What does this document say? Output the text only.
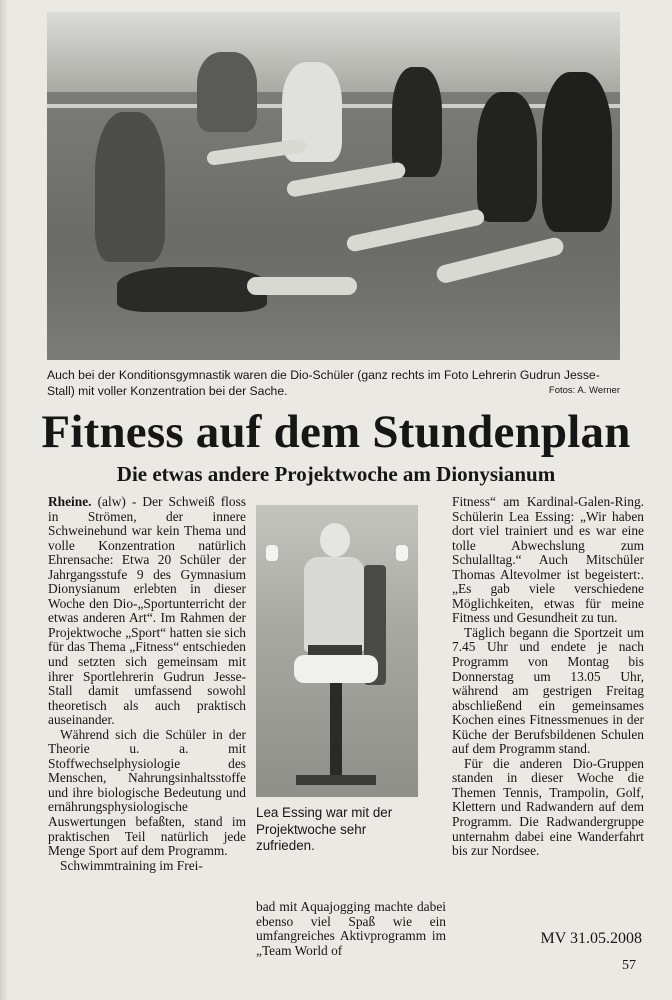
Auch bei der Konditionsgymnastik waren die Dio-Schüler (ganz rechts im Foto Lehrerin Gudrun Jesse-Stall) mit voller Konzentration bei der Sache.	Fotos: A. Werner
Fitness auf dem Stundenplan
Die etwas andere Projektwoche am Dionysianum

Rheine. (alw) - Der Schweiß floss in Strömen, der innere Schweinehund war kein Thema und volle Konzentration natürlich Ehrensache: Etwa 20 Schüler der Jahrgangsstufe 9 des Gymnasium Dionysianum erlebten in dieser Woche den Dio-„Sportunterricht der etwas anderen Art“. Im Rahmen der Projektwoche „Sport“ hatten sie sich für das Thema „Fitness“ entschieden und setzten sich gemeinsam mit ihrer Sportlehrerin Gudrun Jesse-Stall damit umfassend sowohl theoretisch als auch praktisch auseinander.

Während sich die Schüler in der Theorie u. a. mit Stoffwechselphysiologie des Menschen, Nahrungsinhaltsstoffe und ihre biologische Bedeutung und ernährungsphysiologische Auswertungen befaßten, stand im praktischen Teil natürlich jede Menge Sport auf dem Programm.

Schwimmtraining im Frei-

Lea Essing war mit der Projektwoche sehr zufrieden.

bad mit Aquajogging machte dabei ebenso viel Spaß wie ein umfangreiches Aktivprogramm im „Team World of

Fitness“ am Kardinal-Galen-Ring. Schülerin Lea Essing: „Wir haben dort viel trainiert und es war eine tolle Abwechslung zum Schulalltag.“ Auch Mitschüler Thomas Altevolmer ist begeistert:. „Es gab viele verschiedene Möglichkeiten, etwas für meine Fitness und Gesundheit zu tun.

Täglich begann die Sportzeit um 7.45 Uhr und endete je nach Programm von Montag bis Donnerstag um 13.05 Uhr, während am gestrigen Freitag abschließend ein gemeinsames Kochen eines Fitnessmenues in der Küche der Berufsbildenen Schulen auf dem Programm stand.

Für die anderen Dio-Gruppen standen in dieser Woche die Themen Tennis, Trampolin, Golf, Klettern und Radwandern auf dem Programm. Die Radwandergruppe unternahm dabei eine Wanderfahrt bis zur Nordsee.

MV 31.05.2008
57
